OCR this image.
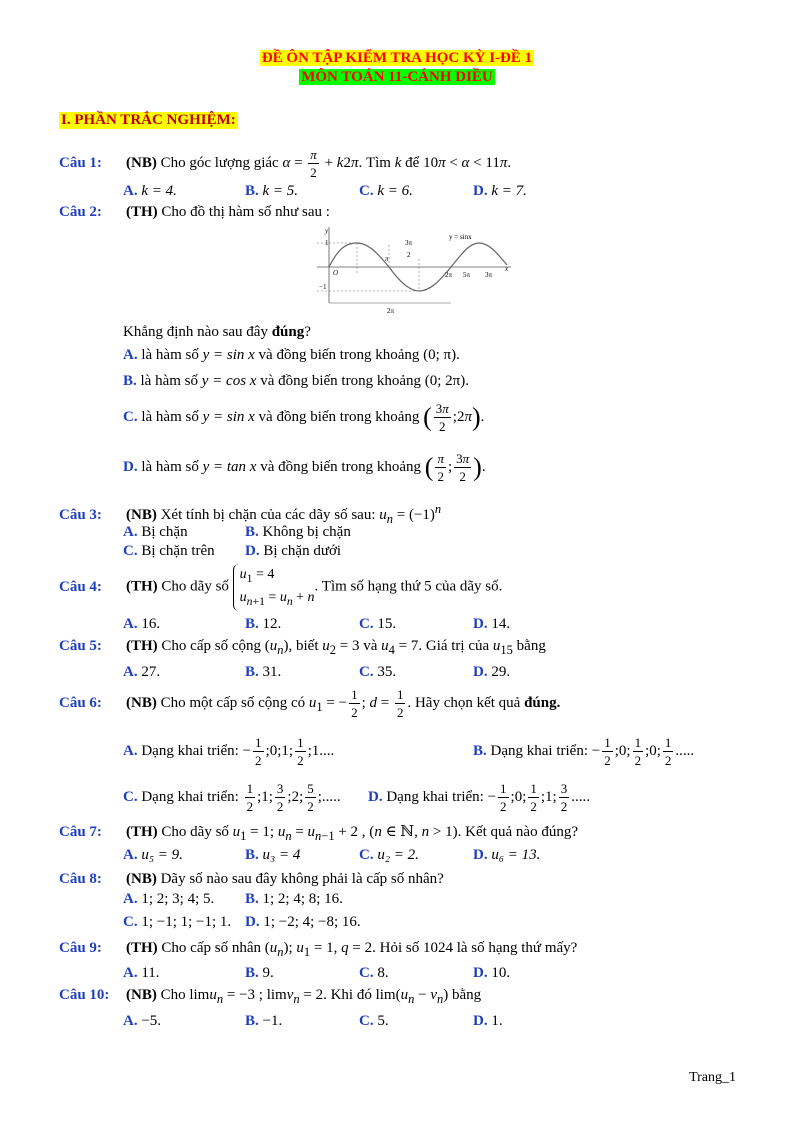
ĐỀ ÔN TẬP KIỂM TRA HỌC KỲ I-ĐỀ 1
MÔN TOÁN 11-CÁNH DIỀU
I. PHẦN TRẮC NGHIỆM:
Câu 1: (NB) Cho góc lượng giác $\alpha = \frac{\pi}{2} + k2\pi$. Tìm k để 10π < α < 11π.
A. k = 4.	B. k = 5.	C. k = 6.	D. k = 7.
Câu 2: (TH) Cho đồ thị hàm số như sau :
y
1
−1
O	x
y = sinx
π
3π
2
2π 5π 3π
2π
Khẳng định nào sau đây đúng?
A. là hàm số y = sin x và đồng biến trong khoảng (0; π).
B. là hàm số y = cos x và đồng biến trong khoảng (0; 2π).
C. là hàm số y = sin x và đồng biến trong khoảng ( $\frac{3\pi}{2}$ ;2π).
D. là hàm số y = tan x và đồng biến trong khoảng ( $\frac{\pi}{2}$ ; $\frac{3\pi}{2}$ ).
Câu 3: (NB) Xét tính bị chặn của các dãy số sau: $u_n = (-1)^n$
A. Bị chặn	B. Không bị chặn
C. Bị chặn trên D. Bị chặn dưới
Câu 4: (TH) Cho dãy số $u_1 = 4$
$u_{n+1} = u_n + n$. Tìm số hạng thứ 5 của dãy số.
A. 16.	B. 12.	C. 15.	D. 14.
Câu 5: (TH) Cho cấp số cộng $(u_n)$, biết $u_2 = 3$ và $u_4 = 7$. Giá trị của $u_{15}$ bằng
A. 27.	B. 31.	C. 35.	D. 29.
Câu 6: (NB) Cho một cấp số cộng có $u_1$ = − $\frac{1}{2}$ ; $d = \frac{1}{2}$ . Hãy chọn kết quả đúng.
A. Dạng khai triển: − $\frac{1}{2}$ ;0;1; $\frac{1}{2}$ ;1....	B. Dạng khai triển: − $\frac{1}{2}$ ;0; $\frac{1}{2}$ ;0; $\frac{1}{2}$ .....
C. Dạng khai triển: $\frac{1}{2}$ ;1; $\frac{3}{2}$ ;2; $\frac{5}{2}$ ;..... D. Dạng khai triển: − $\frac{1}{2}$ ;0; $\frac{1}{2}$ ;1; $\frac{3}{2}$ .....
Câu 7: (TH) Cho dãy số $u_1 = 1$; $u_n = u_{n-1} + 2$ , (n ∈ ℕ, n > 1). Kết quả nào đúng?
A. u₅ = 9.	B. u₃ = 4	C. u₂ = 2.	D. u₆ = 13.
Câu 8: (NB) Dãy số nào sau đây không phải là cấp số nhân?
A. 1; 2; 3; 4; 5. B. 1; 2; 4; 8; 16.
C. 1; −1; 1; −1; 1. D. 1; −2; 4; −8; 16.
Câu 9: (TH) Cho cấp số nhân $(u_n)$; $u_1 = 1$, q = 2. Hỏi số 1024 là số hạng thứ mấy?
A. 11.	B. 9.	C. 8.	D. 10.
Câu 10: (NB) Cho limu$_n$ = −3 ; limv$_n$ = 2. Khi đó $\lim(u_n - v_n)$ bằng
A. −5.	B. −1.	C. 5.	D. 1.
Trang_1
